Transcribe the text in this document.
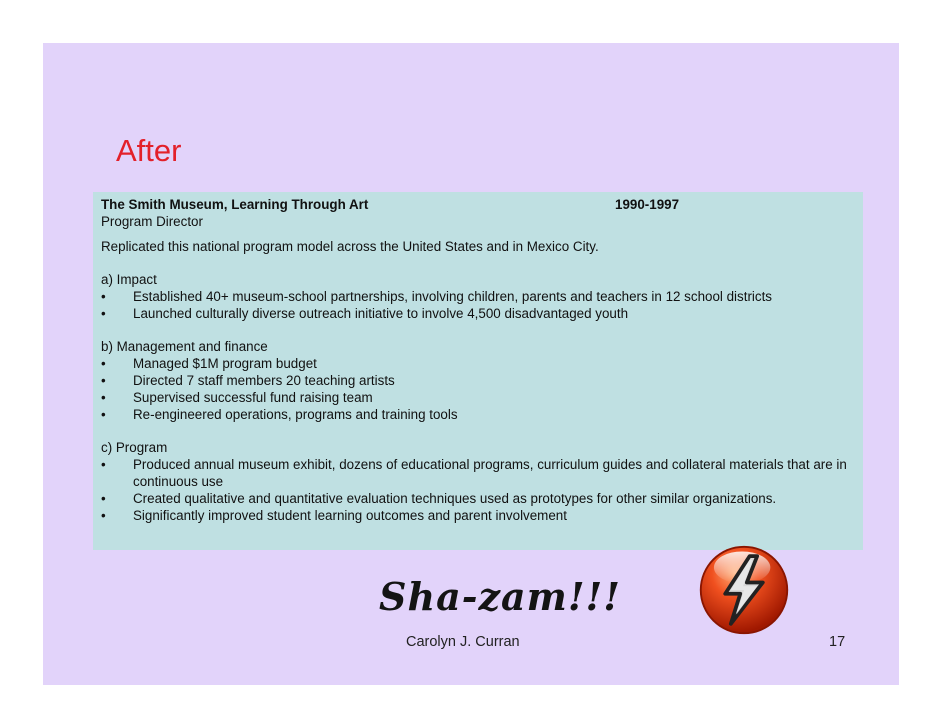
After
The Smith Museum, Learning Through Art	1990-1997
Program Director
Replicated this national program model across the United States and in Mexico City.
a) Impact
• Established 40+ museum-school partnerships, involving children, parents and teachers in 12 school districts
• Launched culturally diverse outreach initiative to involve 4,500 disadvantaged youth
b) Management and finance
• Managed $1M program budget
• Directed 7 staff members 20 teaching artists
• Supervised successful fund raising team
• Re-engineered operations, programs and training tools
c) Program
• Produced annual museum exhibit, dozens of educational programs, curriculum guides and collateral materials that are in continuous use
• Created qualitative and quantitative evaluation techniques used as prototypes for other similar organizations.
• Significantly improved student learning outcomes and parent involvement
Sha-zam!!!
Carolyn J. Curran	17
